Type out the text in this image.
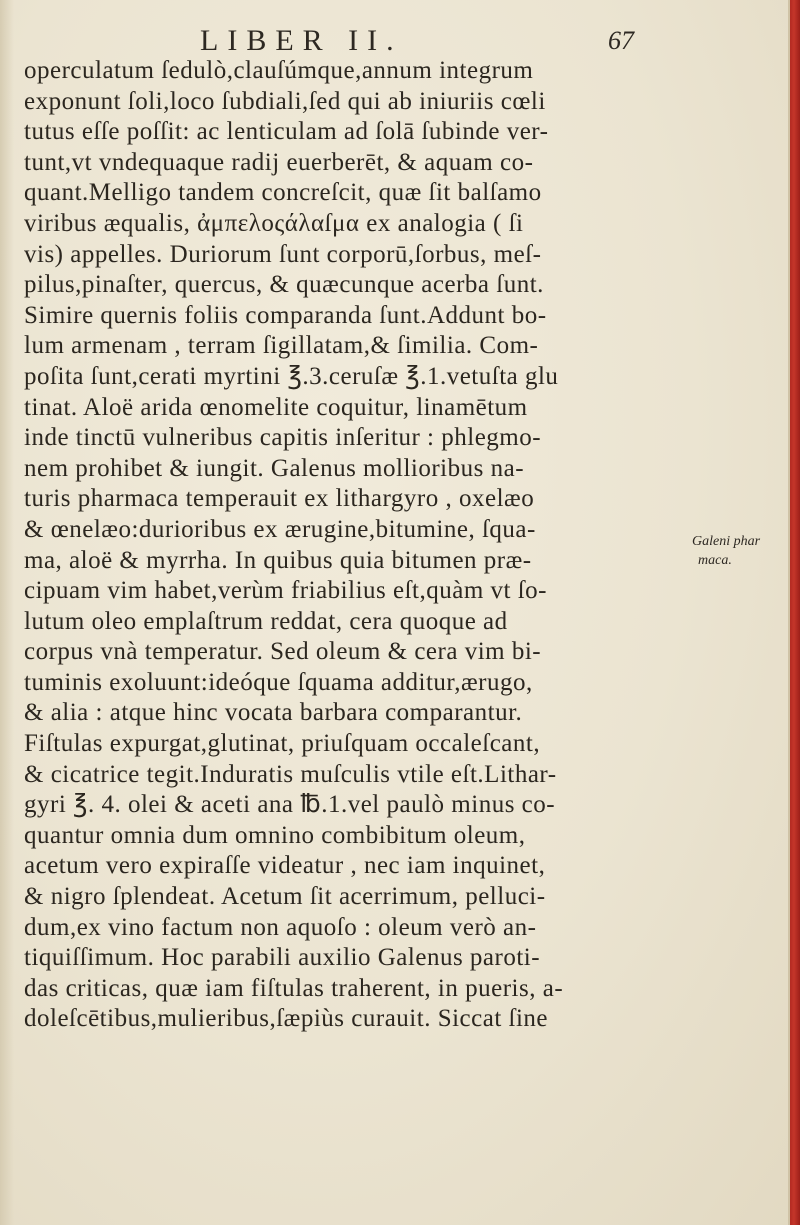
LIBER II.	67
operculatum ſedulò,clauſúmque,annum integrum
exponunt ſoli,loco ſubdiali,ſed qui ab iniuriis cœli
tutus eſſe poſſit: ac lenticulam ad ſolā ſubinde ver-
tunt,vt vndequaque radij euerberēt, & aquam co-
quant.Melligo tandem concreſcit, quæ ſit balſamo
viribus æqualis, ἀμπελοςάλαſμα ex analogia ( ſi
vis) appelles. Duriorum ſunt corporū,ſorbus, meſ-
pilus,pinaſter, quercus, & quæcunque acerba ſunt.
Simire quernis foliis comparanda ſunt.Addunt bo-
lum armenam , terram ſigillatam,& ſimilia. Com-
poſita ſunt,cerati myrtini ℥.3.ceruſæ ℥.1.vetuſta glu
tinat. Aloë arida œnomelite coquitur, linamētum
inde tinctū vulneribus capitis inſeritur : phlegmo-
nem prohibet & iungit. Galenus mollioribus na-
turis pharmaca temperauit ex lithargyro , oxelæo
& œnelæo:durioribus ex ærugine,bitumine, ſqua-
ma, aloë & myrrha. In quibus quia bitumen præ-
cipuam vim habet,verùm friabilius eſt,quàm vt ſo-
lutum oleo emplaſtrum reddat, cera quoque ad
corpus vnà temperatur. Sed oleum & cera vim bi-
tuminis exoluunt:ideóque ſquama additur,ærugo,
& alia : atque hinc vocata barbara comparantur.
Fiſtulas expurgat,glutinat, priuſquam occaleſcant,
& cicatrice tegit.Induratis muſculis vtile eſt.Lithar-
gyri ℥. 4. olei & aceti ana ℔.1.vel paulò minus co-
quantur omnia dum omnino combibitum oleum,
acetum vero expiraſſe videatur , nec iam inquinet,
& nigro ſplendeat. Acetum ſit acerrimum, pelluci-
dum,ex vino factum non aquoſo : oleum verò an-
tiquiſſimum. Hoc parabili auxilio Galenus paroti-
das criticas, quæ iam fiſtulas traherent, in pueris, a-
doleſcētibus,mulieribus,ſæpiùs curauit. Siccat ſine
Galeni phar
maca.
